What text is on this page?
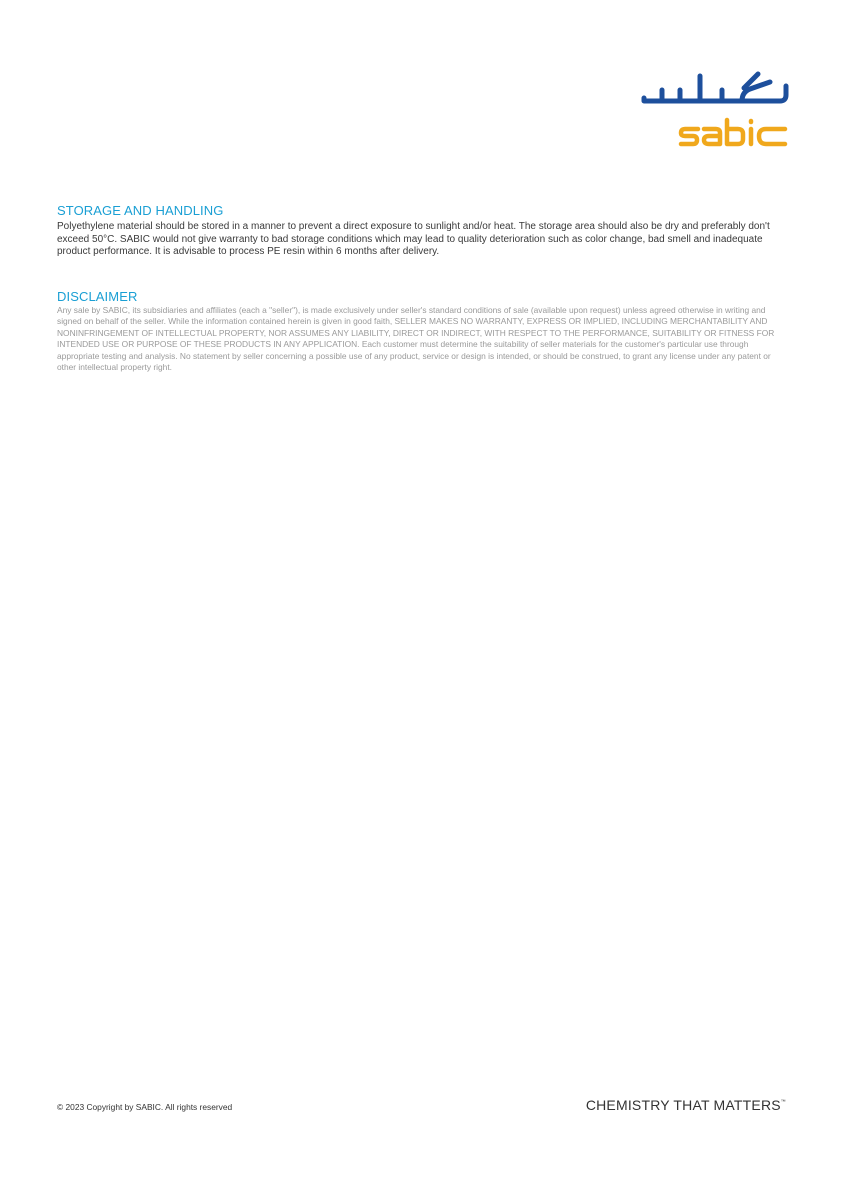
STORAGE AND HANDLING

Polyethylene material should be stored in a manner to prevent a direct exposure to sunlight and/or heat. The storage area should also be dry and preferably don't exceed 50°C. SABIC would not give warranty to bad storage conditions which may lead to quality deterioration such as color change, bad smell and inadequate product performance. It is advisable to process PE resin within 6 months after delivery.

DISCLAIMER

Any sale by SABIC, its subsidiaries and affiliates (each a "seller"), is made exclusively under seller's standard conditions of sale (available upon request) unless agreed otherwise in writing and signed on behalf of the seller. While the information contained herein is given in good faith, SELLER MAKES NO WARRANTY, EXPRESS OR IMPLIED, INCLUDING MERCHANTABILITY AND NONINFRINGEMENT OF INTELLECTUAL PROPERTY, NOR ASSUMES ANY LIABILITY, DIRECT OR INDIRECT, WITH RESPECT TO THE PERFORMANCE, SUITABILITY OR FITNESS FOR INTENDED USE OR PURPOSE OF THESE PRODUCTS IN ANY APPLICATION. Each customer must determine the suitability of seller materials for the customer's particular use through appropriate testing and analysis. No statement by seller concerning a possible use of any product, service or design is intended, or should be construed, to grant any license under any patent or other intellectual property right.

© 2023 Copyright by SABIC. All rights reserved	CHEMISTRY THAT MATTERS™
